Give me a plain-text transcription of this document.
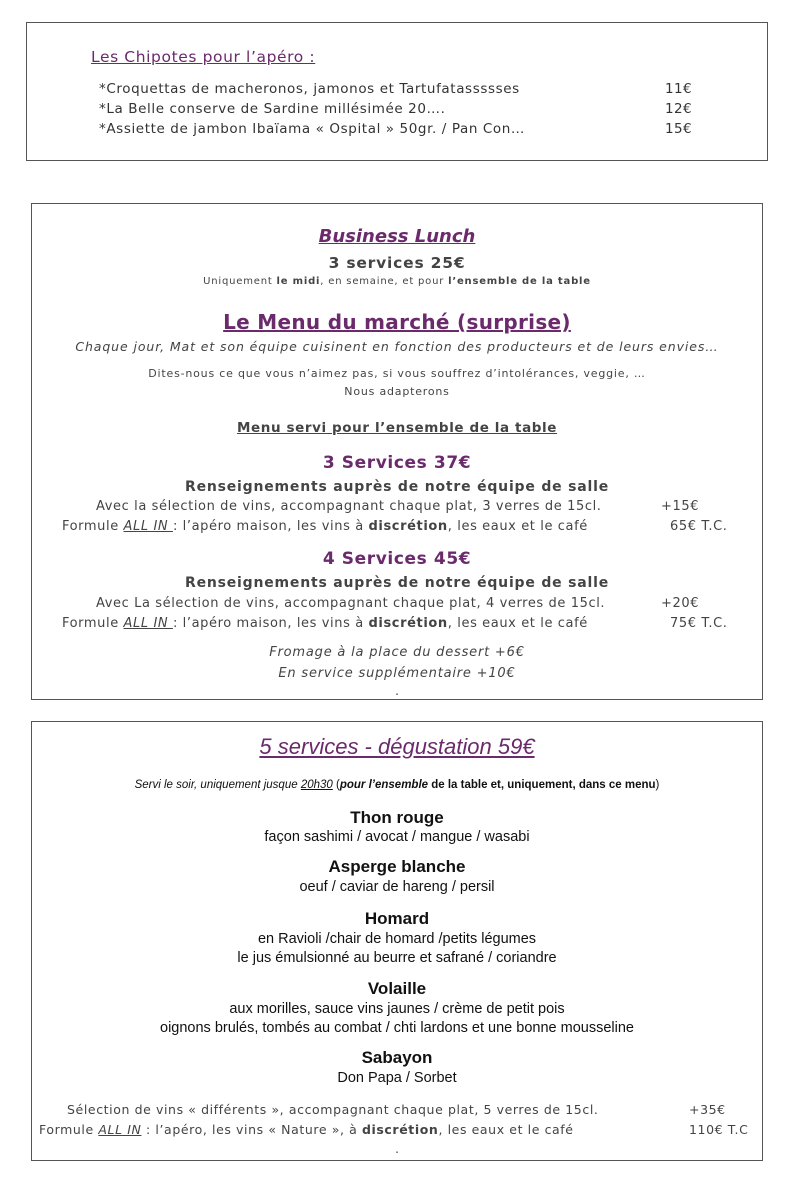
Les Chipotes pour l’apéro :
*Croquettas de macheronos, jamonos et Tartufatassssses	11€
*La Belle conserve de Sardine millésimée 20….	12€
*Assiette de jambon Ibaïama « Ospital » 50gr. / Pan Con…	15€
Business Lunch
3 services 25€
Uniquement le midi, en semaine, et pour l’ensemble de la table
Le Menu du marché (surprise)
Chaque jour, Mat et son équipe cuisinent en fonction des producteurs et de leurs envies…
Dites-nous ce que vous n’aimez pas, si vous souffrez d’intolérances, veggie, …
Nous adapterons
Menu servi pour l’ensemble de la table
3 Services 37€
Renseignements auprès de notre équipe de salle
Avec la sélection de vins, accompagnant chaque plat, 3 verres de 15cl.	+15€
Formule ALL IN : l’apéro maison, les vins à discrétion, les eaux et le café	65€ T.C.
4 Services 45€
Renseignements auprès de notre équipe de salle
Avec La sélection de vins, accompagnant chaque plat, 4 verres de 15cl.	+20€
Formule ALL IN : l’apéro maison, les vins à discrétion, les eaux et le café	75€ T.C.
Fromage à la place du dessert +6€
En service supplémentaire +10€
.
5 services - dégustation 59€
Servi le soir, uniquement jusque 20h30 (pour l’ensemble de la table et, uniquement, dans ce menu)
Thon rouge
façon sashimi / avocat / mangue / wasabi
Asperge blanche
oeuf / caviar de hareng / persil
Homard
en Ravioli /chair de homard /petits légumes
le jus émulsionné au beurre et safrané / coriandre
Volaille
aux morilles, sauce vins jaunes / crème de petit pois
oignons brulés, tombés au combat / chti lardons et une bonne mousseline
Sabayon
Don Papa / Sorbet
Sélection de vins « différents », accompagnant chaque plat, 5 verres de 15cl.	+35€
Formule ALL IN : l’apéro, les vins « Nature », à discrétion, les eaux et le café	110€ T.C
.
